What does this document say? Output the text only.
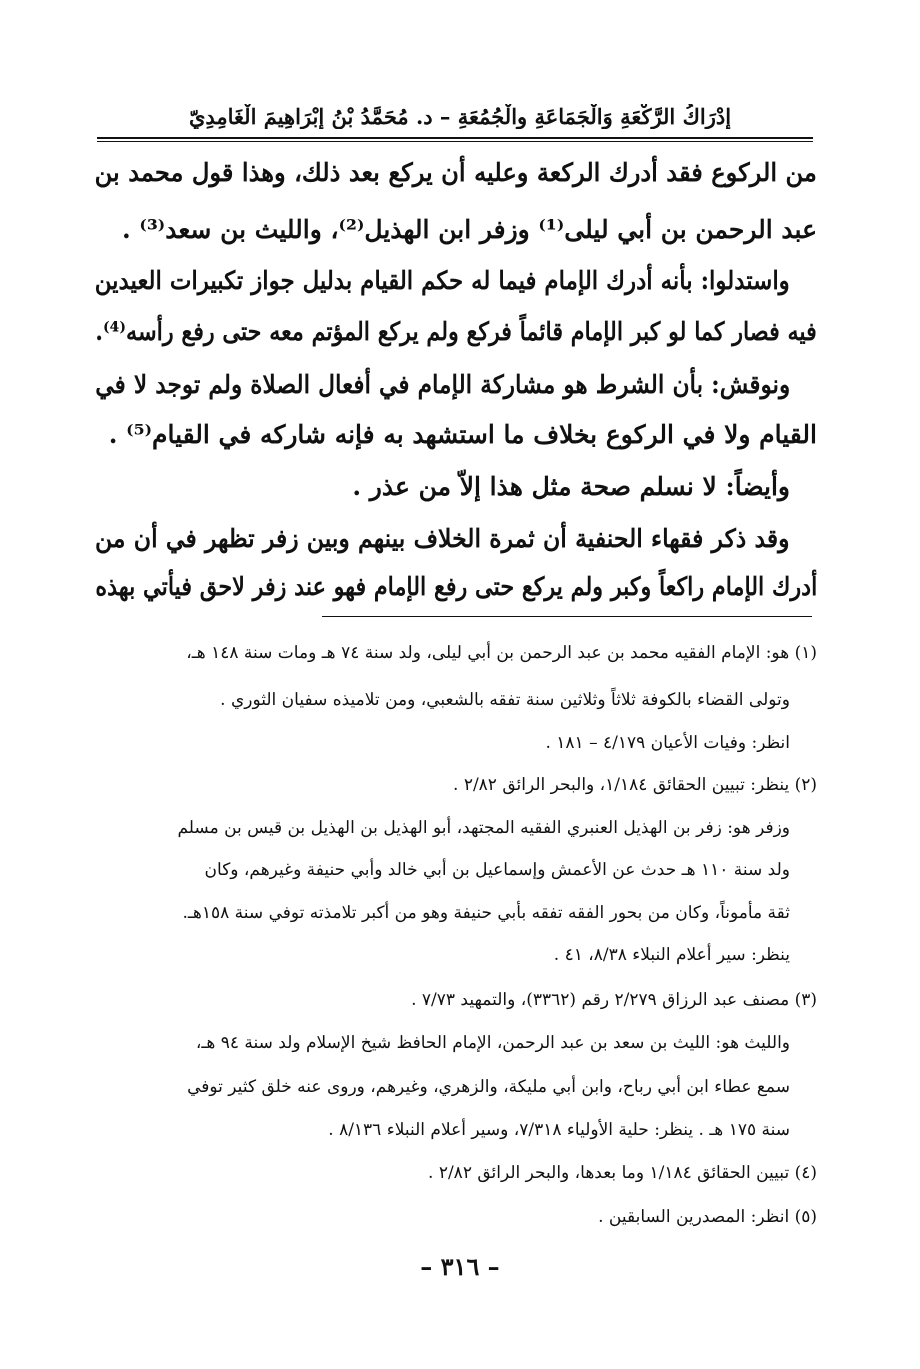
إدْرَاكُ الرَّكْعَةِ وَالْجَمَاعَةِ والْجُمُعَةِ – د. مُحَمَّدُ بْنُ إِبْرَاهِيمَ الْغَامِدِيّ
من الركوع فقد أدرك الركعة وعليه أن يركع بعد ذلك، وهذا قول محمد بن
عبد الرحمن بن أبي ليلى⁽¹⁾ وزفر ابن الهذيل⁽²⁾، والليث بن سعد⁽³⁾ .
واستدلوا: بأنه أدرك الإمام فيما له حكم القيام بدليل جواز تكبيرات العيدين
فيه فصار كما لو كبر الإمام قائماً فركع ولم يركع المؤتم معه حتى رفع رأسه⁽⁴⁾.
ونوقش: بأن الشرط هو مشاركة الإمام في أفعال الصلاة ولم توجد لا في
القيام ولا في الركوع بخلاف ما استشهد به فإنه شاركه في القيام⁽⁵⁾ .
وأيضاً: لا نسلم صحة مثل هذا إلاّ من عذر .
وقد ذكر فقهاء الحنفية أن ثمرة الخلاف بينهم وبين زفر تظهر في أن من
أدرك الإمام راكعاً وكبر ولم يركع حتى رفع الإمام فهو عند زفر لاحق فيأتي بهذه
(١) هو: الإمام الفقيه محمد بن عبد الرحمن بن أبي ليلى، ولد سنة ٧٤ هـ ومات سنة ١٤٨ هـ،
وتولى القضاء بالكوفة ثلاثاً وثلاثين سنة تفقه بالشعبي، ومن تلاميذه سفيان الثوري .
انظر: وفيات الأعيان ٤/١٧٩ – ١٨١ .
(٢) ينظر: تبيين الحقائق ١/١٨٤، والبحر الرائق ٢/٨٢ .
وزفر هو: زفر بن الهذيل العنبري الفقيه المجتهد، أبو الهذيل بن الهذيل بن قيس بن مسلم
ولد سنة ١١٠ هـ حدث عن الأعمش وإسماعيل بن أبي خالد وأبي حنيفة وغيرهم، وكان
ثقة مأموناً، وكان من بحور الفقه تفقه بأبي حنيفة وهو من أكبر تلامذته توفي سنة ١٥٨هـ.
ينظر: سير أعلام النبلاء ٨/٣٨، ٤١ .
(٣) مصنف عبد الرزاق ٢/٢٧٩ رقم (٣٣٦٢)، والتمهيد ٧/٧٣ .
والليث هو: الليث بن سعد بن عبد الرحمن، الإمام الحافظ شيخ الإسلام ولد سنة ٩٤ هـ،
سمع عطاء ابن أبي رباح، وابن أبي مليكة، والزهري، وغيرهم، وروى عنه خلق كثير توفي
سنة ١٧٥ هـ . ينظر: حلية الأولياء ٧/٣١٨، وسير أعلام النبلاء ٨/١٣٦ .
(٤) تبيين الحقائق ١/١٨٤ وما بعدها، والبحر الرائق ٢/٨٢ .
(٥) انظر: المصدرين السابقين .
– ٣١٦ –
